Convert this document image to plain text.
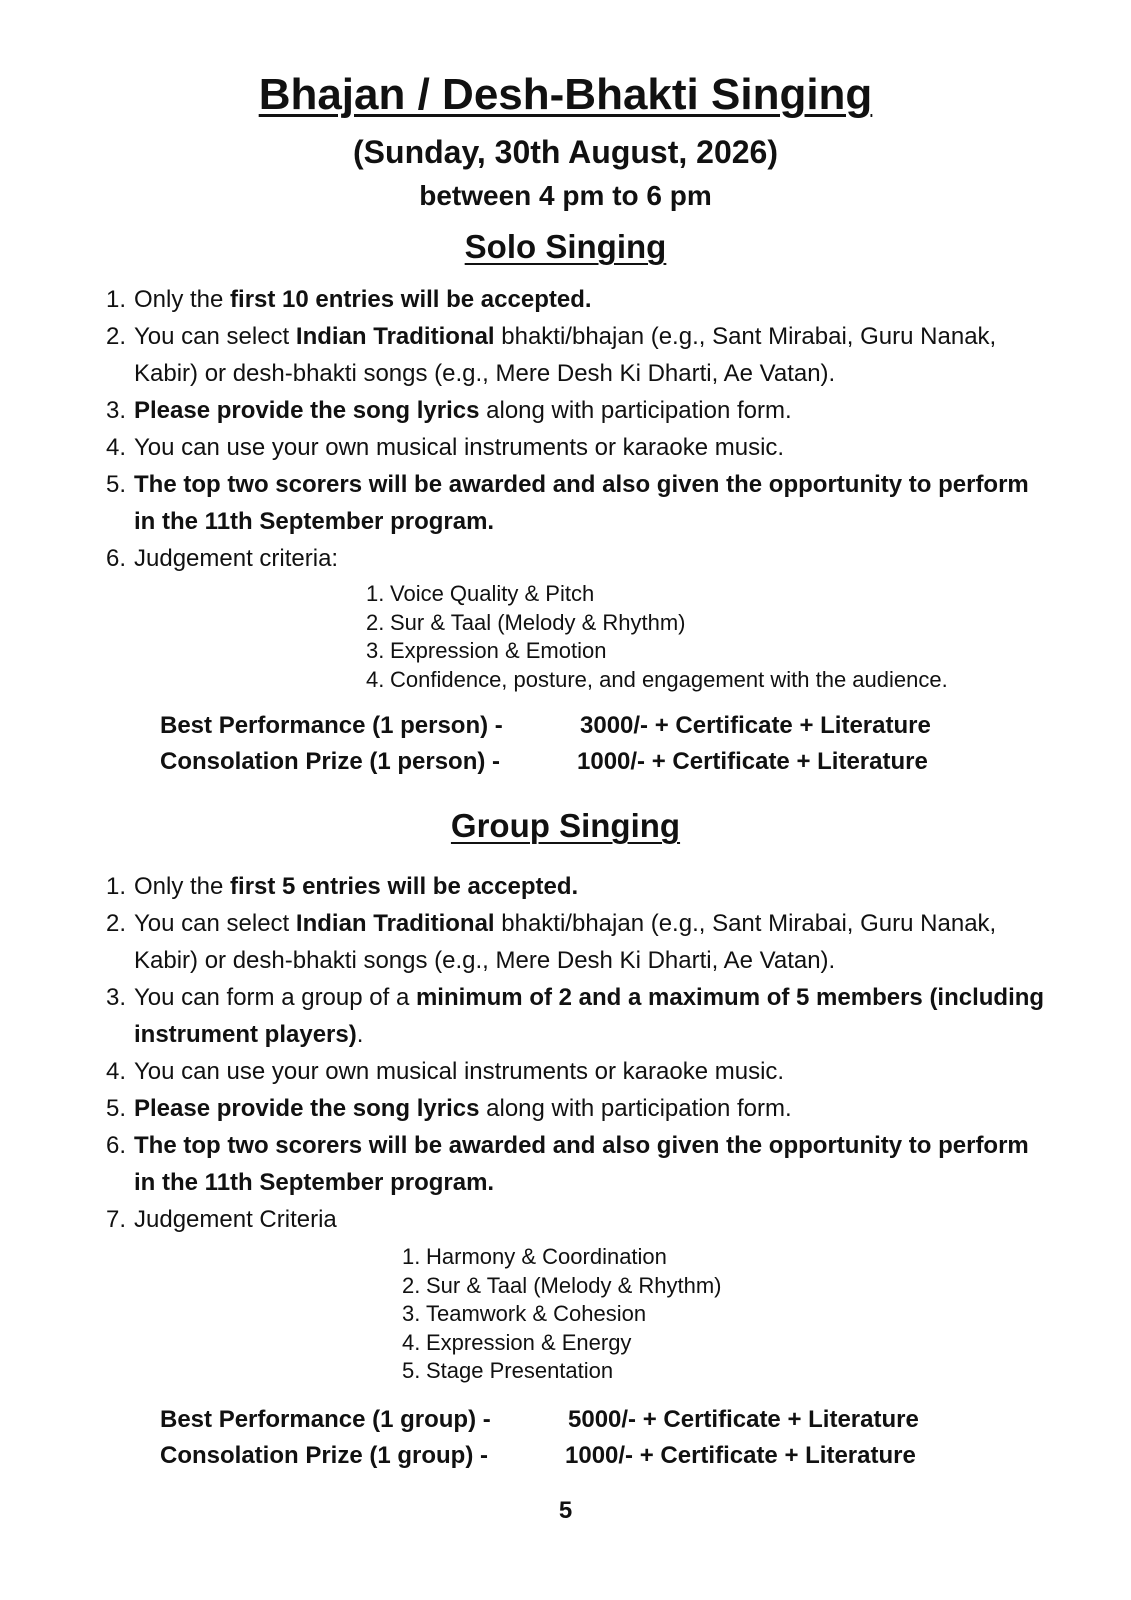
Bhajan / Desh-Bhakti Singing
(Sunday, 30th August, 2026)
between 4 pm to 6 pm
Solo Singing
1. Only the first 10 entries will be accepted.
2. You can select Indian Traditional bhakti/bhajan (e.g., Sant Mirabai, Guru Nanak, Kabir) or desh-bhakti songs (e.g., Mere Desh Ki Dharti, Ae Vatan).
3. Please provide the song lyrics along with participation form.
4. You can use your own musical instruments or karaoke music.
5. The top two scorers will be awarded and also given the opportunity to perform in the 11th September program.
6. Judgement criteria:
1. Voice Quality & Pitch
2. Sur & Taal (Melody & Rhythm)
3. Expression & Emotion
4. Confidence, posture, and engagement with the audience.
Best Performance (1 person) -	3000/- + Certificate + Literature
Consolation Prize (1 person) -	1000/- + Certificate + Literature
Group Singing
1. Only the first 5 entries will be accepted.
2. You can select Indian Traditional bhakti/bhajan (e.g., Sant Mirabai, Guru Nanak, Kabir) or desh-bhakti songs (e.g., Mere Desh Ki Dharti, Ae Vatan).
3. You can form a group of a minimum of 2 and a maximum of 5 members (including instrument players).
4. You can use your own musical instruments or karaoke music.
5. Please provide the song lyrics along with participation form.
6. The top two scorers will be awarded and also given the opportunity to perform in the 11th September program.
7. Judgement Criteria
1. Harmony & Coordination
2. Sur & Taal (Melody & Rhythm)
3. Teamwork & Cohesion
4. Expression & Energy
5. Stage Presentation
Best Performance (1 group) -	5000/- + Certificate + Literature
Consolation Prize (1 group) -	1000/- + Certificate + Literature
5
